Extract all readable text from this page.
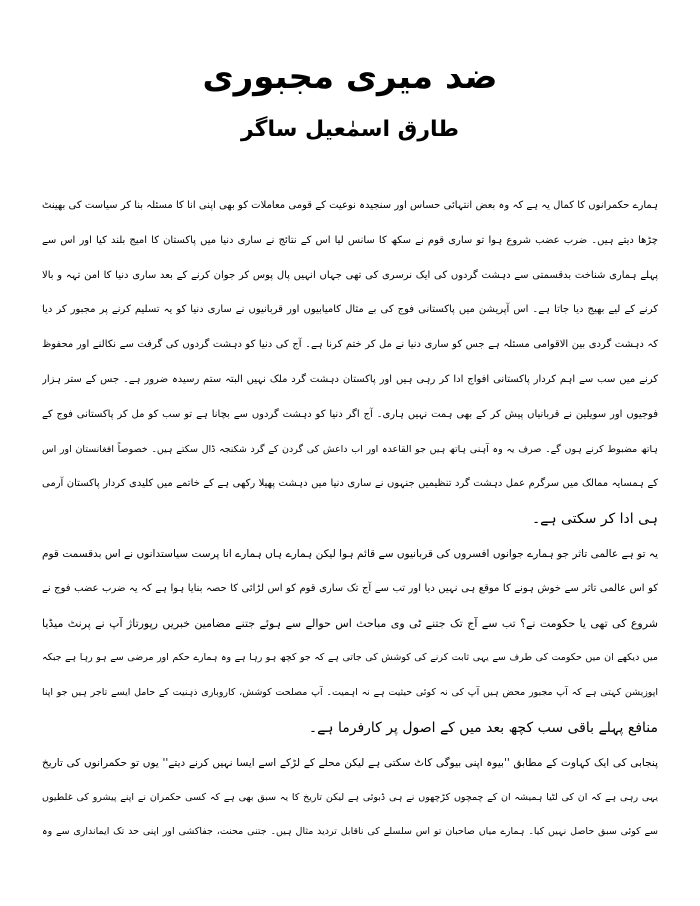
ضد میری مجبوری
طارق اسمٰعیل ساگر
ہمارے حکمرانوں کا کمال یہ ہے کہ وہ بعض انتہائی حساس اور سنجیدہ نوعیت کے قومی معاملات کو بھی اپنی انا کا مسئلہ بنا کر سیاست کی بھینٹ
چڑھا دیتے ہیں۔ ضرب عضب شروع ہوا تو ساری قوم نے سکھ کا سانس لیا اس کے نتائج نے ساری دنیا میں پاکستان کا امیج بلند کیا اور اس سے
پہلے ہماری شناخت بدقسمتی سے دہشت گردوں کی ایک نرسری کی تھی جہاں انہیں پال پوس کر جوان کرنے کے بعد ساری دنیا کا امن تہہ و بالا
کرنے کے لیے بھیج دیا جاتا ہے۔ اس آپریشن میں پاکستانی فوج کی بے مثال کامیابیوں اور قربانیوں نے ساری دنیا کو یہ تسلیم کرنے پر مجبور کر دیا
کہ دہشت گردی بین الاقوامی مسئلہ ہے جس کو ساری دنیا نے مل کر ختم کرنا ہے۔ آج کی دنیا کو دہشت گردوں کی گرفت سے نکالنے اور محفوظ
کرنے میں سب سے اہم کردار پاکستانی افواج ادا کر رہی ہیں اور پاکستان دہشت گرد ملک نہیں البتہ ستم رسیدہ ضرور ہے۔ جس کے ستر ہزار
فوجیوں اور سویلین نے قربانیاں پیش کر کے بھی ہمت نہیں ہاری۔ آج اگر دنیا کو دہشت گردوں سے بچانا ہے تو سب کو مل کر پاکستانی فوج کے
ہاتھ مضبوط کرنے ہوں گے۔ صرف یہ وہ آہنی ہاتھ ہیں جو القاعدہ اور اب داعش کی گردن کے گرد شکنجہ ڈال سکتے ہیں۔ خصوصاً افغانستان اور اس
کے ہمسایہ ممالک میں سرگرم عمل دہشت گرد تنظیمیں جنہوں نے ساری دنیا میں دہشت پھیلا رکھی ہے کے خاتمے میں کلیدی کردار پاکستان آرمی
ہی ادا کر سکتی ہے۔
یہ تو ہے عالمی تاثر جو ہمارے جوانوں افسروں کی قربانیوں سے قائم ہوا لیکن ہمارے ہاں ہمارے انا پرست سیاستدانوں نے اس بدقسمت قوم
کو اس عالمی تاثر سے خوش ہونے کا موقع ہی نہیں دیا اور تب سے آج تک ساری قوم کو اس لڑائی کا حصہ بنایا ہوا ہے کہ یہ ضرب عضب فوج نے
شروع کی تھی یا حکومت نے؟ تب سے آج تک جتنے ٹی وی مباحث اس حوالے سے ہوئے جتنے مضامین خبریں رپورتاژ آپ نے پرنٹ میڈیا
میں دیکھے ان میں حکومت کی طرف سے یہی ثابت کرنے کی کوشش کی جاتی ہے کہ جو کچھ ہو رہا ہے وہ ہمارے حکم اور مرضی سے ہو رہا ہے جبکہ
اپوزیشن کہتی ہے کہ آپ مجبور محض ہیں آپ کی نہ کوئی حیثیت ہے نہ اہمیت۔ آپ مصلحت کوشش، کاروباری ذہنیت کے حامل ایسے تاجر ہیں جو اپنا
منافع پہلے باقی سب کچھ بعد میں کے اصول پر کارفرما ہے۔
پنجابی کی ایک کہاوت کے مطابق ''بیوہ اپنی بیوگی کاٹ سکتی ہے لیکن محلے کے لڑکے اسے ایسا نہیں کرنے دیتے'' یوں تو حکمرانوں کی تاریخ
یہی رہی ہے کہ ان کی لٹیا ہمیشہ ان کے چمچوں کڑچھوں نے ہی ڈبوئی ہے لیکن تاریخ کا یہ سبق بھی ہے کہ کسی حکمران نے اپنے پیشرو کی غلطیوں
سے کوئی سبق حاصل نہیں کیا۔ ہمارے میاں صاحبان تو اس سلسلے کی ناقابل تردید مثال ہیں۔ جتنی محنت، جفاکشی اور اپنی حد تک ایمانداری سے وہ
